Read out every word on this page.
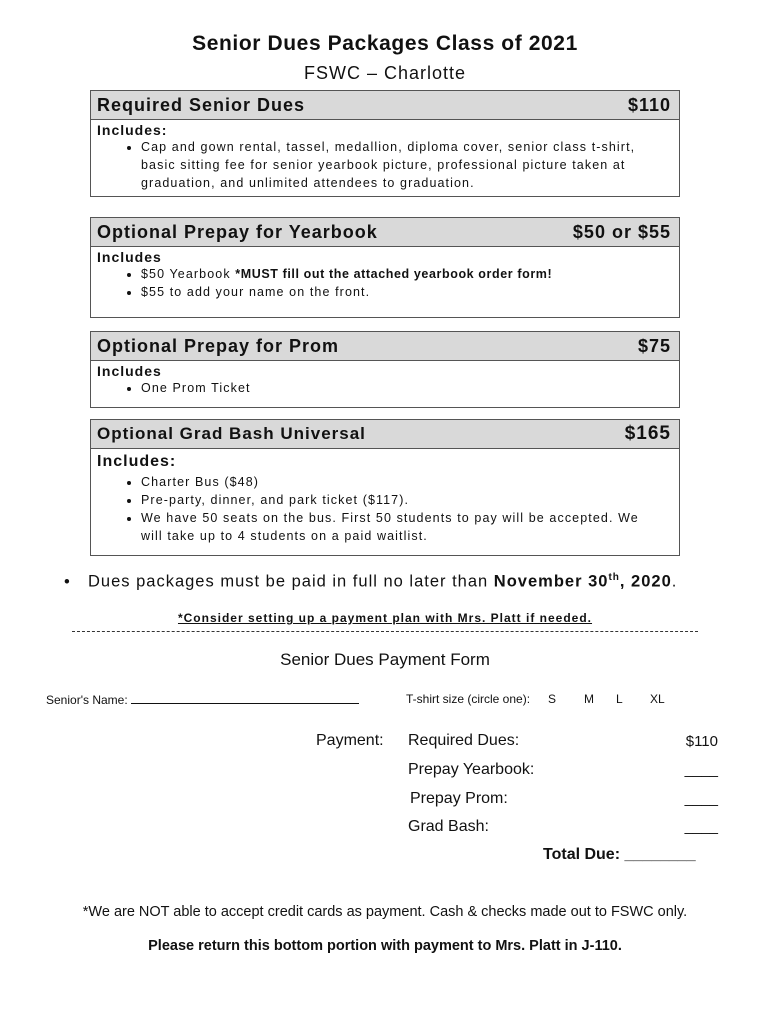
Senior Dues Packages Class of 2021
FSWC – Charlotte
Required Senior Dues	$110
Includes:
• Cap and gown rental, tassel, medallion, diploma cover, senior class t-shirt, basic sitting fee for senior yearbook picture, professional picture taken at graduation, and unlimited attendees to graduation.
Optional Prepay for Yearbook	$50 or $55
Includes
• $50 Yearbook *MUST fill out the attached yearbook order form!
• $55 to add your name on the front.
Optional Prepay for Prom	$75
Includes
• One Prom Ticket
Optional Grad Bash Universal	$165
Includes:
• Charter Bus ($48)
• Pre-party, dinner, and park ticket ($117).
• We have 50 seats on the bus. First 50 students to pay will be accepted. We will take up to 4 students on a paid waitlist.
• Dues packages must be paid in full no later than November 30th, 2020.
*Consider setting up a payment plan with Mrs. Platt if needed.
Senior Dues Payment Form
Senior's Name:	T-shirt size (circle one): S	M	L	XL
Payment: Required Dues:	$110
Prepay Yearbook:	____
Prepay Prom:	____
Grad Bash:	____
Total Due: ________
*We are NOT able to accept credit cards as payment. Cash & checks made out to FSWC only.
Please return this bottom portion with payment to Mrs. Platt in J-110.
